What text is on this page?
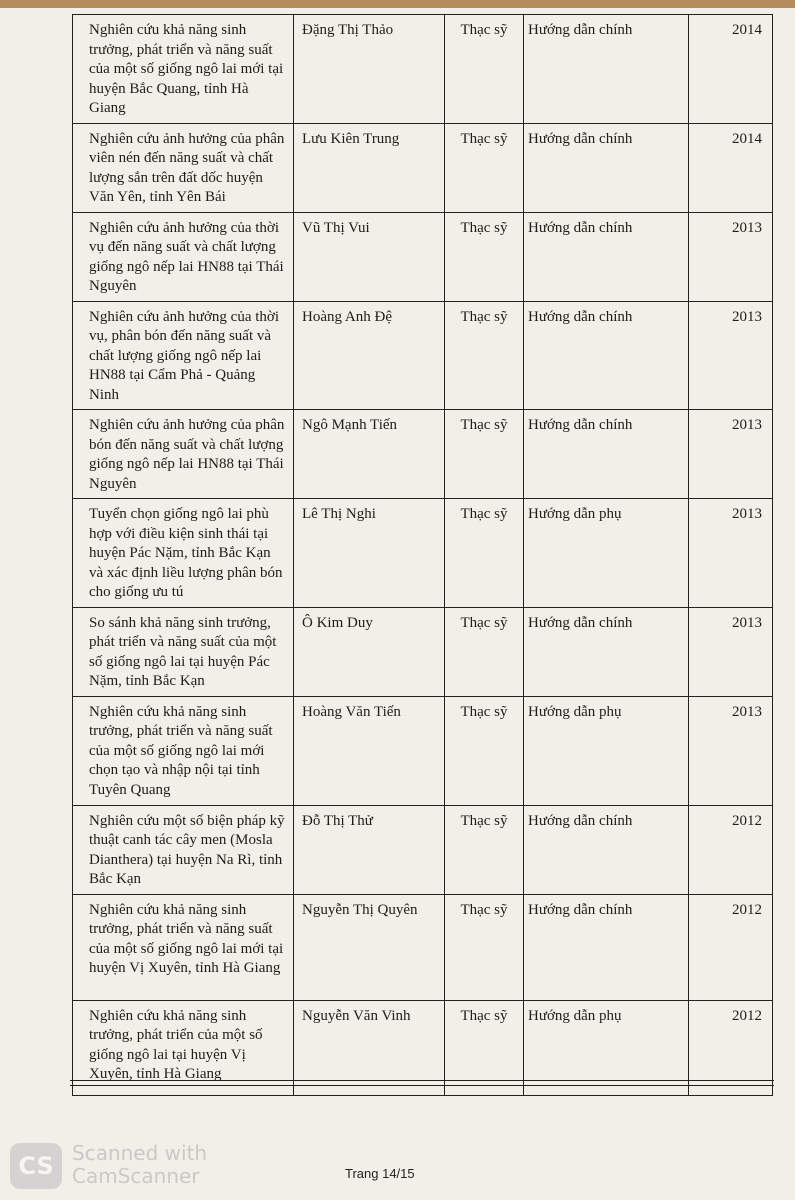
Nghiên cứu khả năng sinh trưởng, phát triển và năng suất của một số giống ngô lai mới tại huyện Bắc Quang, tỉnh Hà Giang	Đặng Thị Thảo	Thạc sỹ	Hướng dẫn chính	2014
Nghiên cứu ảnh hưởng của phân viên nén đến năng suất và chất lượng sắn trên đất dốc huyện Văn Yên, tỉnh Yên Bái	Lưu Kiên Trung	Thạc sỹ	Hướng dẫn chính	2014
Nghiên cứu ảnh hưởng của thời vụ đến năng suất và chất lượng giống ngô nếp lai HN88 tại Thái Nguyên	Vũ Thị Vui	Thạc sỹ	Hướng dẫn chính	2013
Nghiên cứu ảnh hưởng của thời vụ, phân bón đến năng suất và chất lượng giống ngô nếp lai HN88 tại Cẩm Phả - Quảng Ninh	Hoàng Anh Đệ	Thạc sỹ	Hướng dẫn chính	2013
Nghiên cứu ảnh hưởng của phân bón đến năng suất và chất lượng giống ngô nếp lai HN88 tại Thái Nguyên	Ngô Mạnh Tiến	Thạc sỹ	Hướng dẫn chính	2013
Tuyển chọn giống ngô lai phù hợp với điều kiện sinh thái tại huyện Pác Nặm, tỉnh Bắc Kạn và xác định liều lượng phân bón cho giống ưu tú	Lê Thị Nghi	Thạc sỹ	Hướng dẫn phụ	2013
So sánh khả năng sinh trưởng, phát triển và năng suất của một số giống ngô lai tại huyện Pác Nặm, tỉnh Bắc Kạn	Ô Kim Duy	Thạc sỹ	Hướng dẫn chính	2013
Nghiên cứu khả năng sinh trưởng, phát triển và năng suất của một số giống ngô lai mới chọn tạo và nhập nội tại tỉnh Tuyên Quang	Hoàng Văn Tiến	Thạc sỹ	Hướng dẫn phụ	2013
Nghiên cứu một số biện pháp kỹ thuật canh tác cây men (Mosla Dianthera) tại huyện Na Rì, tỉnh Bắc Kạn	Đỗ Thị Thử	Thạc sỹ	Hướng dẫn chính	2012
Nghiên cứu khả năng sinh trưởng, phát triển và năng suất của một số giống ngô lai mới tại huyện Vị Xuyên, tỉnh Hà Giang	Nguyễn Thị Quyên	Thạc sỹ	Hướng dẫn chính	2012
Nghiên cứu khả năng sinh trưởng, phát triển của một số giống ngô lai tại huyện Vị Xuyên, tỉnh Hà Giang	Nguyễn Văn Vinh	Thạc sỹ	Hướng dẫn phụ	2012
CS Scanned with
CamScanner	Trang 14/15
